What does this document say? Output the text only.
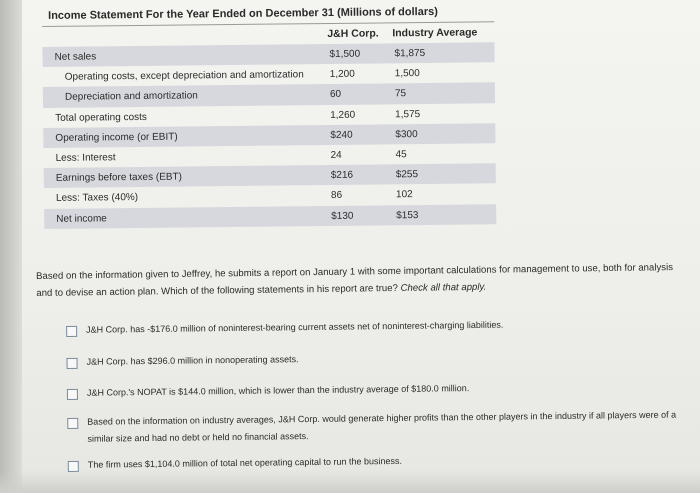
Income Statement For the Year Ended on December 31 (Millions of dollars)
J&H Corp. Industry Average
Net sales	$1,500	$1,875
Operating costs, except depreciation and amortization	1,200	1,500
Depreciation and amortization	60	75
Total operating costs	1,260	1,575
Operating income (or EBIT)	$240	$300
Less: Interest	24	45
Earnings before taxes (EBT)	$216	$255
Less: Taxes (40%)	86	102
Net income	$130	$153
Based on the information given to Jeffrey, he submits a report on January 1 with some important calculations for management to use, both for analysis and to devise an action plan. Which of the following statements in his report are true? Check all that apply.
J&H Corp. has -$176.0 million of noninterest-bearing current assets net of noninterest-charging liabilities.
J&H Corp. has $296.0 million in nonoperating assets.
J&H Corp.'s NOPAT is $144.0 million, which is lower than the industry average of $180.0 million.
Based on the information on industry averages, J&H Corp. would generate higher profits than the other players in the industry if all players were of a similar size and had no debt or held no financial assets.
The firm uses $1,104.0 million of total net operating capital to run the business.
